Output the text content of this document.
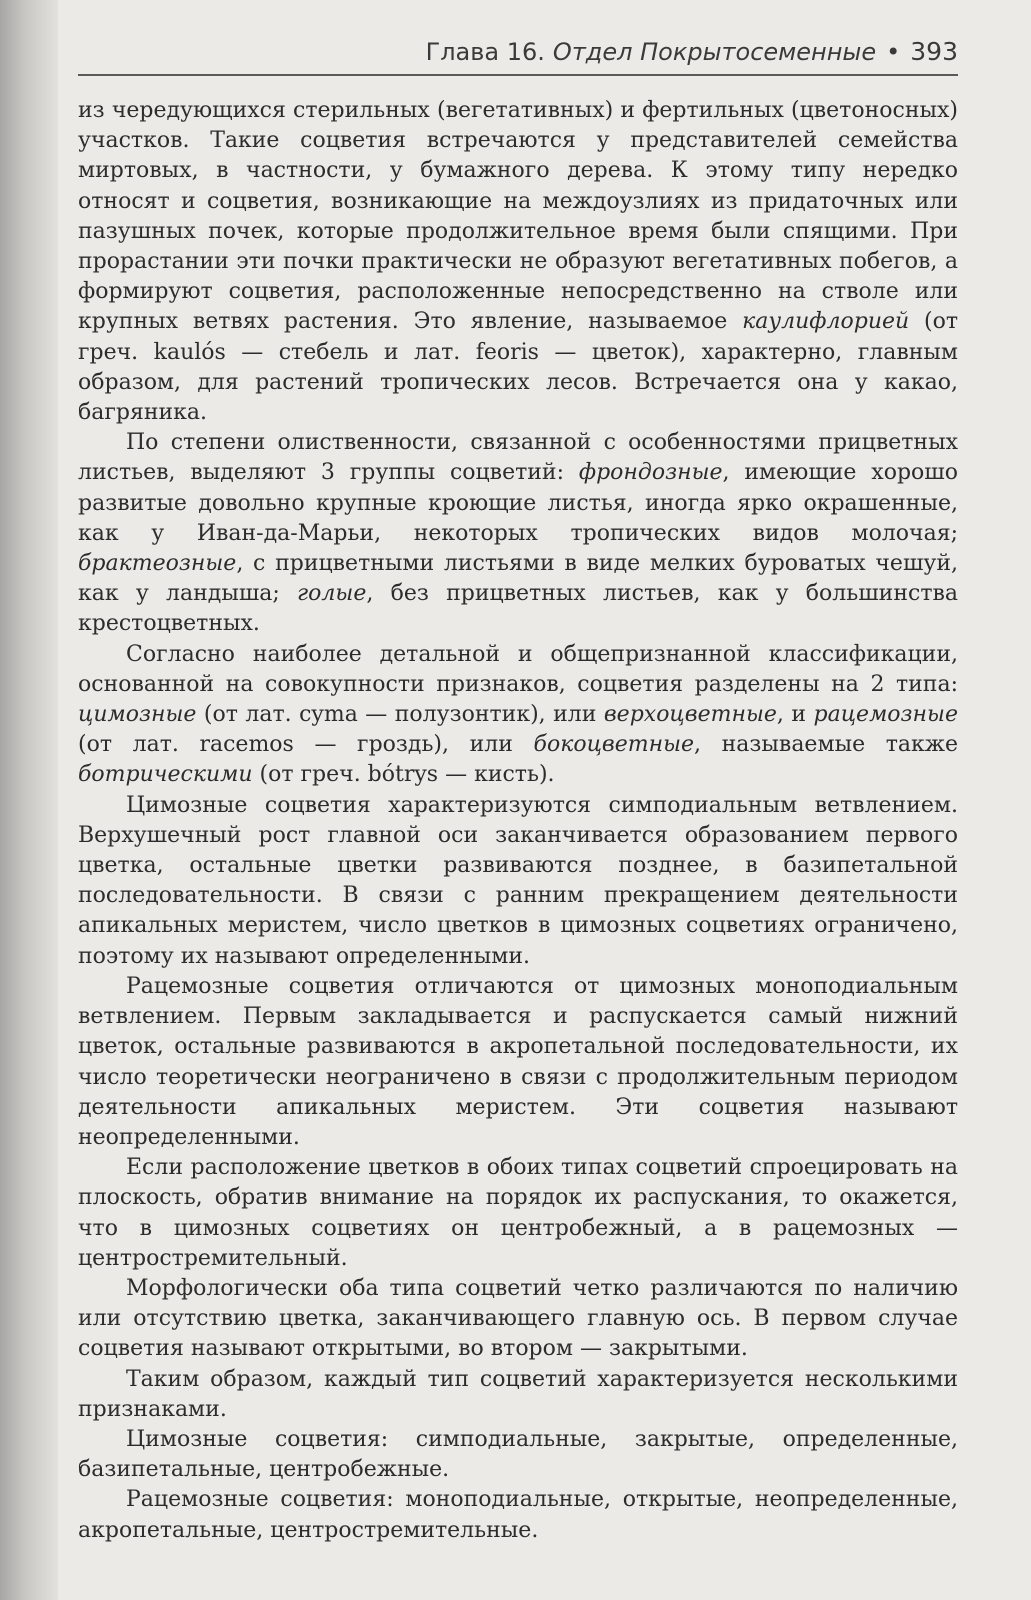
Глава 16. Отдел Покрытосеменные • 393

из чередующихся стерильных (вегетативных) и фертильных (цветоносных) участков. Такие соцветия встречаются у представителей семейства миртовых, в частности, у бумажного дерева. К этому типу нередко относят и соцветия, возникающие на междоузлиях из придаточных или пазушных почек, которые продолжительное время были спящими. При прорастании эти почки практически не образуют вегетативных побегов, а формируют соцветия, расположенные непосредственно на стволе или крупных ветвях растения. Это явление, называемое каулифлорией (от греч. kaulós — стебель и лат. feoris — цветок), характерно, главным образом, для растений тропических лесов. Встречается она у какао, багряника.

По степени олиственности, связанной с особенностями прицветных листьев, выделяют 3 группы соцветий: фрондозные, имеющие хорошо развитые довольно крупные кроющие листья, иногда ярко окрашенные, как у Иван-да-Марьи, некоторых тропических видов молочая; брактеозные, с прицветными листьями в виде мелких буроватых чешуй, как у ландыша; голые, без прицветных листьев, как у большинства крестоцветных.

Согласно наиболее детальной и общепризнанной классификации, основанной на совокупности признаков, соцветия разделены на 2 типа: цимозные (от лат. cyma — полузонтик), или верхоцветные, и рацемозные (от лат. racemos — гроздь), или бокоцветные, называемые также ботрическими (от греч. bótrys — кисть).

Цимозные соцветия характеризуются симподиальным ветвлением. Верхушечный рост главной оси заканчивается образованием первого цветка, остальные цветки развиваются позднее, в базипетальной последовательности. В связи с ранним прекращением деятельности апикальных меристем, число цветков в цимозных соцветиях ограничено, поэтому их называют определенными.

Рацемозные соцветия отличаются от цимозных моноподиальным ветвлением. Первым закладывается и распускается самый нижний цветок, остальные развиваются в акропетальной последовательности, их число теоретически неограничено в связи с продолжительным периодом деятельности апикальных меристем. Эти соцветия называют неопределенными.

Если расположение цветков в обоих типах соцветий спроецировать на плоскость, обратив внимание на порядок их распускания, то окажется, что в цимозных соцветиях он центробежный, а в рацемозных — центростремительный.

Морфологически оба типа соцветий четко различаются по наличию или отсутствию цветка, заканчивающего главную ось. В первом случае соцветия называют открытыми, во втором — закрытыми.

Таким образом, каждый тип соцветий характеризуется несколькими признаками.

Цимозные соцветия: симподиальные, закрытые, определенные, базипетальные, центробежные.

Рацемозные соцветия: моноподиальные, открытые, неопределенные, акропетальные, центростремительные.
